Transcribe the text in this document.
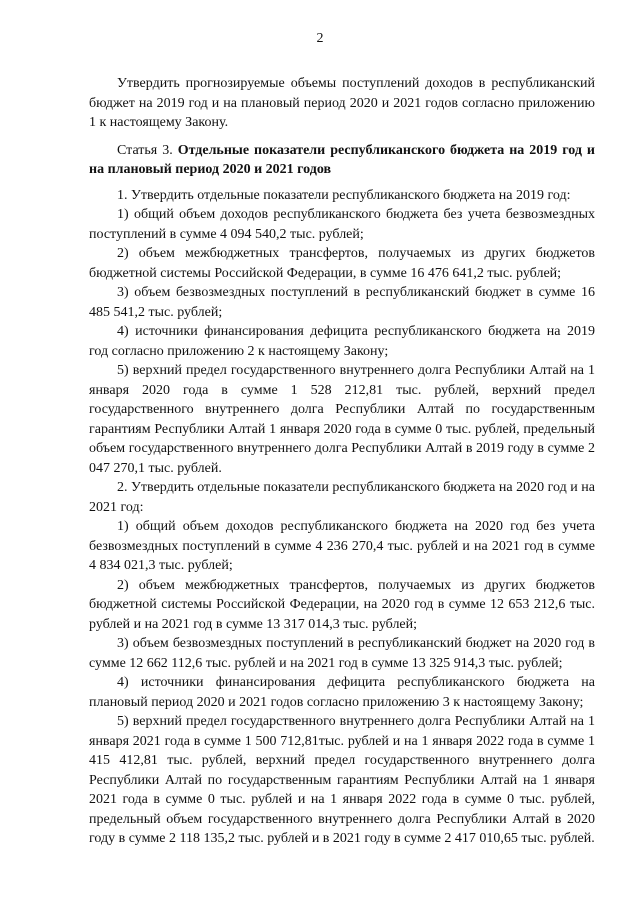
2

Утвердить прогнозируемые объемы поступлений доходов в республиканский бюджет на 2019 год и на плановый период 2020 и 2021 годов согласно приложению 1 к настоящему Закону.

Статья 3. Отдельные показатели республиканского бюджета на 2019 год и на плановый период 2020 и 2021 годов

1. Утвердить отдельные показатели республиканского бюджета на 2019 год:

1) общий объем доходов республиканского бюджета без учета безвозмездных поступлений в сумме 4 094 540,2 тыс. рублей;

2) объем межбюджетных трансфертов, получаемых из других бюджетов бюджетной системы Российской Федерации, в сумме 16 476 641,2 тыс. рублей;

3) объем безвозмездных поступлений в республиканский бюджет в сумме 16 485 541,2 тыс. рублей;

4) источники финансирования дефицита республиканского бюджета на 2019 год согласно приложению 2 к настоящему Закону;

5) верхний предел государственного внутреннего долга Республики Алтай на 1 января 2020 года в сумме 1 528 212,81 тыс. рублей, верхний предел государственного внутреннего долга Республики Алтай по государственным гарантиям Республики Алтай 1 января 2020 года в сумме 0 тыс. рублей, предельный объем государственного внутреннего долга Республики Алтай в 2019 году в сумме 2 047 270,1 тыс. рублей.

2. Утвердить отдельные показатели республиканского бюджета на 2020 год и на 2021 год:

1) общий объем доходов республиканского бюджета на 2020 год без учета безвозмездных поступлений в сумме 4 236 270,4 тыс. рублей и на 2021 год в сумме 4 834 021,3 тыс. рублей;

2) объем межбюджетных трансфертов, получаемых из других бюджетов бюджетной системы Российской Федерации, на 2020 год в сумме 12 653 212,6 тыс. рублей и на 2021 год в сумме 13 317 014,3 тыс. рублей;

3) объем безвозмездных поступлений в республиканский бюджет на 2020 год в сумме 12 662 112,6 тыс. рублей и на 2021 год в сумме 13 325 914,3 тыс. рублей;

4) источники финансирования дефицита республиканского бюджета на плановый период 2020 и 2021 годов согласно приложению 3 к настоящему Закону;

5) верхний предел государственного внутреннего долга Республики Алтай на 1 января 2021 года в сумме 1 500 712,81тыс. рублей и на 1 января 2022 года в сумме 1 415 412,81 тыс. рублей, верхний предел государственного внутреннего долга Республики Алтай по государственным гарантиям Республики Алтай на 1 января 2021 года в сумме 0 тыс. рублей и на 1 января 2022 года в сумме 0 тыс. рублей, предельный объем государственного внутреннего долга Республики Алтай в 2020 году в сумме 2 118 135,2 тыс. рублей и в 2021 году в сумме 2 417 010,65 тыс. рублей.
